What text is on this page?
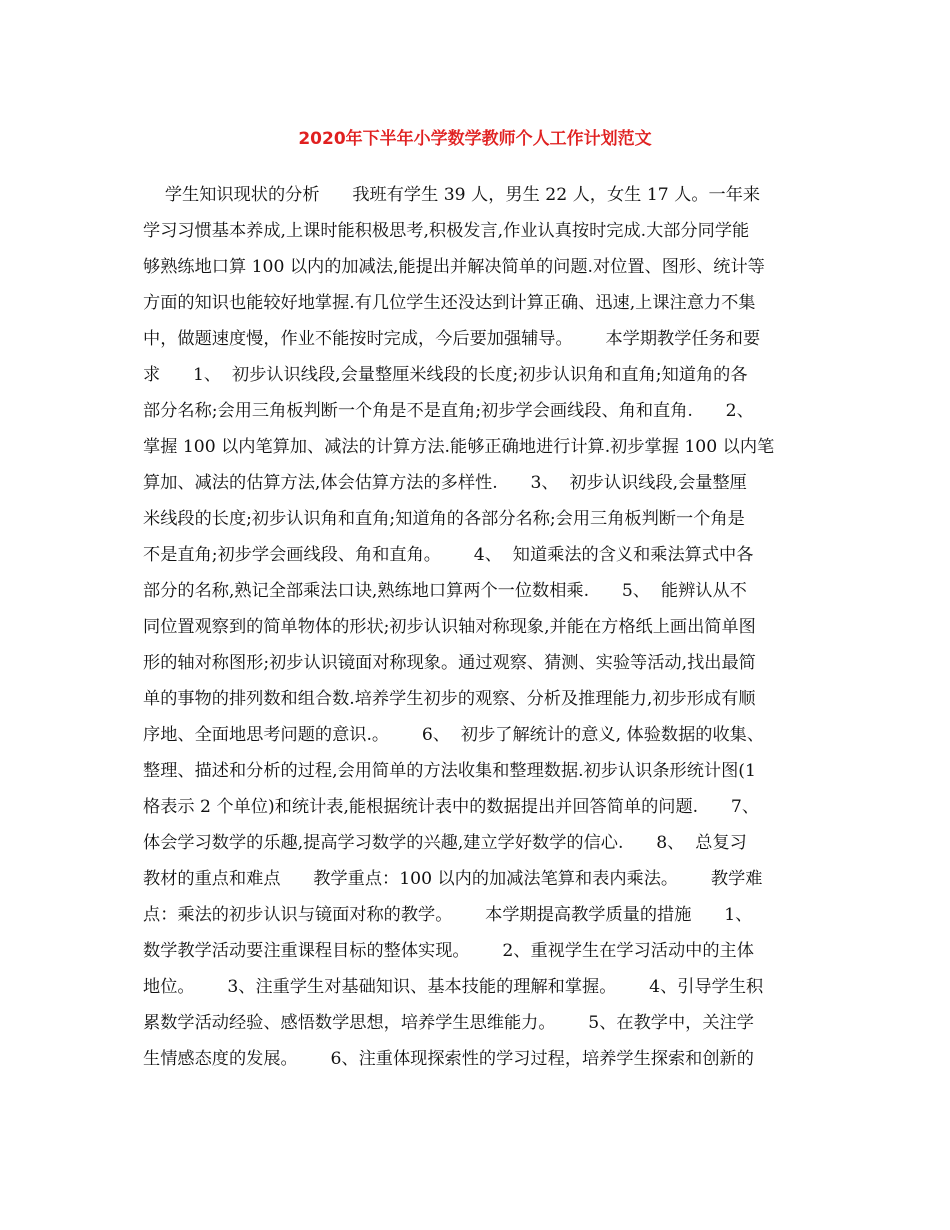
2020年下半年小学数学教师个人工作计划范文
学生知识现状的分析      我班有学生 39 人，男生 22 人，女生 17 人。一年来
学习习惯基本养成,上课时能积极思考,积极发言,作业认真按时完成.大部分同学能
够熟练地口算 100 以内的加减法,能提出并解决简单的问题.对位置、图形、统计等
方面的知识也能较好地掌握.有几位学生还没达到计算正确、迅速,上课注意力不集
中，做题速度慢，作业不能按时完成，今后要加强辅导。      本学期教学任务和要
求      1、  初步认识线段,会量整厘米线段的长度;初步认识角和直角;知道角的各
部分名称;会用三角板判断一个角是不是直角;初步学会画线段、角和直角.      2、
掌握 100 以内笔算加、减法的计算方法.能够正确地进行计算.初步掌握 100 以内笔
算加、减法的估算方法,体会估算方法的多样性.      3、  初步认识线段,会量整厘
米线段的长度;初步认识角和直角;知道角的各部分名称;会用三角板判断一个角是
不是直角;初步学会画线段、角和直角。      4、  知道乘法的含义和乘法算式中各
部分的名称,熟记全部乘法口诀,熟练地口算两个一位数相乘.      5、  能辨认从不
同位置观察到的简单物体的形状;初步认识轴对称现象,并能在方格纸上画出简单图
形的轴对称图形;初步认识镜面对称现象。通过观察、猜测、实验等活动,找出最简
单的事物的排列数和组合数.培养学生初步的观察、分析及推理能力,初步形成有顺
序地、全面地思考问题的意识.。      6、  初步了解统计的意义, 体验数据的收集、
整理、描述和分析的过程,会用简单的方法收集和整理数据.初步认识条形统计图(1
格表示 2 个单位)和统计表,能根据统计表中的数据提出并回答简单的问题.      7、
体会学习数学的乐趣,提高学习数学的兴趣,建立学好数学的信心.      8、  总复习
教材的重点和难点      教学重点：100 以内的加减法笔算和表内乘法。      教学难
点：乘法的初步认识与镜面对称的教学。      本学期提高教学质量的措施      1、
数学教学活动要注重课程目标的整体实现。      2、重视学生在学习活动中的主体
地位。      3、注重学生对基础知识、基本技能的理解和掌握。      4、引导学生积
累数学活动经验、感悟数学思想，培养学生思维能力。      5、在教学中，关注学
生情感态度的发展。      6、注重体现探索性的学习过程，培养学生探索和创新的
